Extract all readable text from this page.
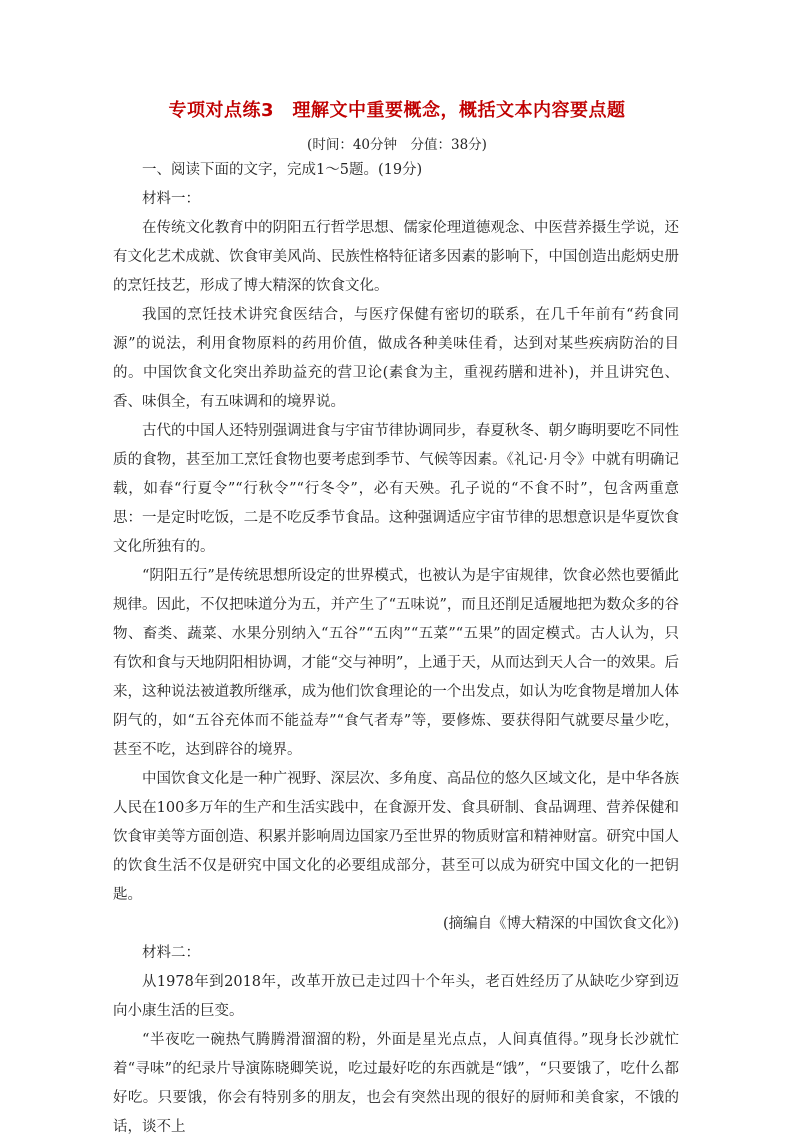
专项对点练3　理解文中重要概念，概括文本内容要点题
(时间：40分钟　分值：38分)

一、阅读下面的文字，完成1～5题。(19分)

材料一：

在传统文化教育中的阴阳五行哲学思想、儒家伦理道德观念、中医营养摄生学说，还有文化艺术成就、饮食审美风尚、民族性格特征诸多因素的影响下，中国创造出彪炳史册的烹饪技艺，形成了博大精深的饮食文化。

我国的烹饪技术讲究食医结合，与医疗保健有密切的联系，在几千年前有“药食同源”的说法，利用食物原料的药用价值，做成各种美味佳肴，达到对某些疾病防治的目的。中国饮食文化突出养助益充的营卫论(素食为主，重视药膳和进补)，并且讲究色、香、味俱全，有五味调和的境界说。

古代的中国人还特别强调进食与宇宙节律协调同步，春夏秋冬、朝夕晦明要吃不同性质的食物，甚至加工烹饪食物也要考虑到季节、气候等因素。《礼记·月令》中就有明确记载，如春“行夏令”“行秋令”“行冬令”，必有天殃。孔子说的“不食不时”，包含两重意思：一是定时吃饭，二是不吃反季节食品。这种强调适应宇宙节律的思想意识是华夏饮食文化所独有的。

“阴阳五行”是传统思想所设定的世界模式，也被认为是宇宙规律，饮食必然也要循此规律。因此，不仅把味道分为五，并产生了“五味说”，而且还削足适履地把为数众多的谷物、畜类、蔬菜、水果分别纳入“五谷”“五肉”“五菜”“五果”的固定模式。古人认为，只有饮和食与天地阴阳相协调，才能“交与神明”，上通于天，从而达到天人合一的效果。后来，这种说法被道教所继承，成为他们饮食理论的一个出发点，如认为吃食物是增加人体阴气的，如“五谷充体而不能益寿”“食气者寿”等，要修炼、要获得阳气就要尽量少吃，甚至不吃，达到辟谷的境界。

中国饮食文化是一种广视野、深层次、多角度、高品位的悠久区域文化，是中华各族人民在100多万年的生产和生活实践中，在食源开发、食具研制、食品调理、营养保健和饮食审美等方面创造、积累并影响周边国家乃至世界的物质财富和精神财富。研究中国人的饮食生活不仅是研究中国文化的必要组成部分，甚至可以成为研究中国文化的一把钥匙。

(摘编自《博大精深的中国饮食文化》)

材料二：

从1978年到2018年，改革开放已走过四十个年头，老百姓经历了从缺吃少穿到迈向小康生活的巨变。

“半夜吃一碗热气腾腾滑溜溜的粉，外面是星光点点，人间真值得。”现身长沙就忙着“寻味”的纪录片导演陈晓卿笑说，吃过最好吃的东西就是“饿”，“只要饿了，吃什么都好吃。只要饿，你会有特别多的朋友，也会有突然出现的很好的厨师和美食家，不饿的话，谈不上
